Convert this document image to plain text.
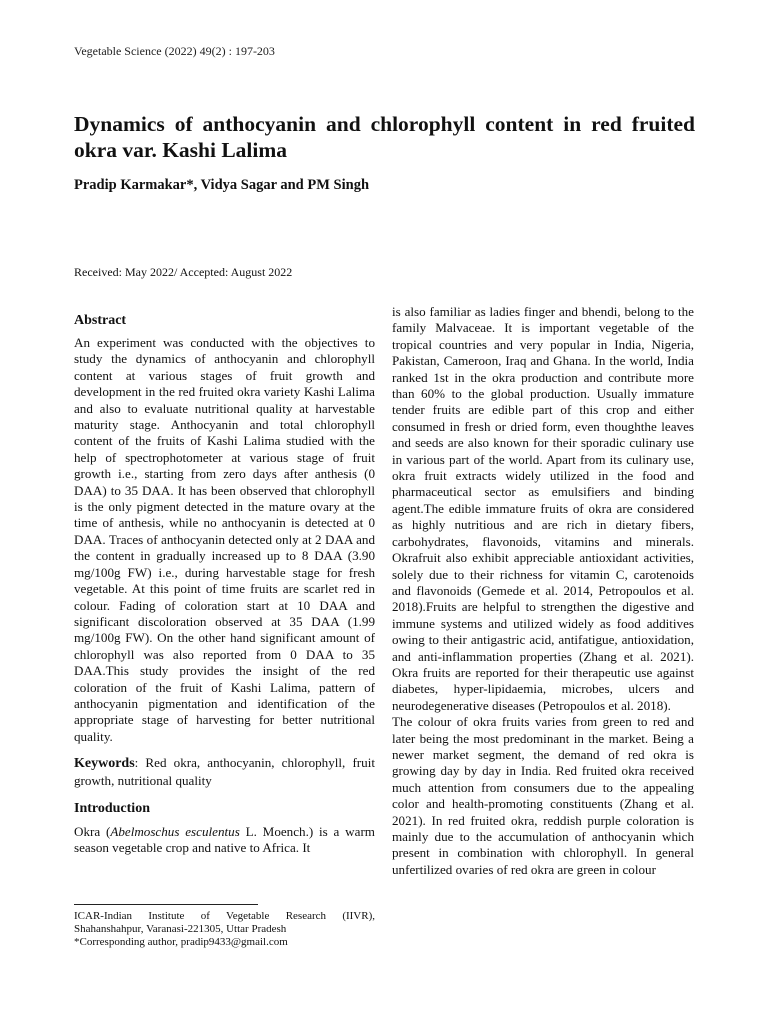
Vegetable Science (2022) 49(2) : 197-203
Dynamics of anthocyanin and chlorophyll content in red fruited okra var. Kashi Lalima
Pradip Karmakar*, Vidya Sagar and PM Singh
Received: May 2022/ Accepted: August 2022
Abstract

An experiment was conducted with the objectives to study the dynamics of anthocyanin and chlorophyll content at various stages of fruit growth and development in the red fruited okra variety Kashi Lalima and also to evaluate nutritional quality at harvestable maturity stage. Anthocyanin and total chlorophyll content of the fruits of Kashi Lalima studied with the help of spectrophotometer at various stage of fruit growth i.e., starting from zero days after anthesis (0 DAA) to 35 DAA. It has been observed that chlorophyll is the only pigment detected in the mature ovary at the time of anthesis, while no anthocyanin is detected at 0 DAA. Traces of anthocyanin detected only at 2 DAA and the content in gradually increased up to 8 DAA (3.90 mg/100g FW) i.e., during harvestable stage for fresh vegetable. At this point of time fruits are scarlet red in colour. Fading of coloration start at 10 DAA and significant discoloration observed at 35 DAA (1.99 mg/100g FW). On the other hand significant amount of chlorophyll was also reported from 0 DAA to 35 DAA.This study provides the insight of the red coloration of the fruit of Kashi Lalima, pattern of anthocyanin pigmentation and identification of the appropriate stage of harvesting for better nutritional quality.

Keywords: Red okra, anthocyanin, chlorophyll, fruit growth, nutritional quality

Introduction

Okra (Abelmoschus esculentus L. Moench.) is a warm season vegetable crop and native to Africa. It

ICAR-Indian Institute of Vegetable Research (IIVR),
Shahanshahpur, Varanasi-221305, Uttar Pradesh
*Corresponding author, pradip9433@gmail.com

is also familiar as ladies finger and bhendi, belong to the family Malvaceae. It is important vegetable of the tropical countries and very popular in India, Nigeria, Pakistan, Cameroon, Iraq and Ghana. In the world, India ranked 1st in the okra production and contribute more than 60% to the global production. Usually immature tender fruits are edible part of this crop and either consumed in fresh or dried form, even thoughthe leaves and seeds are also known for their sporadic culinary use in various part of the world. Apart from its culinary use, okra fruit extracts widely utilized in the food and pharmaceutical sector as emulsifiers and binding agent.The edible immature fruits of okra are considered as highly nutritious and are rich in dietary fibers, carbohydrates, flavonoids, vitamins and minerals. Okrafruit also exhibit appreciable antioxidant activities, solely due to their richness for vitamin C, carotenoids and flavonoids (Gemede et al. 2014, Petropoulos et al. 2018).Fruits are helpful to strengthen the digestive and immune systems and utilized widely as food additives owing to their antigastric acid, antifatigue, antioxidation, and anti-inflammation properties (Zhang et al. 2021). Okra fruits are reported for their therapeutic use against diabetes, hyper-lipidaemia, microbes, ulcers and neurodegenerative diseases (Petropoulos et al. 2018).

The colour of okra fruits varies from green to red and later being the most predominant in the market. Being a newer market segment, the demand of red okra is growing day by day in India. Red fruited okra received much attention from consumers due to the appealing color and health-promoting constituents (Zhang et al. 2021). In red fruited okra, reddish purple coloration is mainly due to the accumulation of anthocyanin which present in combination with chlorophyll. In general unfertilized ovaries of red okra are green in colour
